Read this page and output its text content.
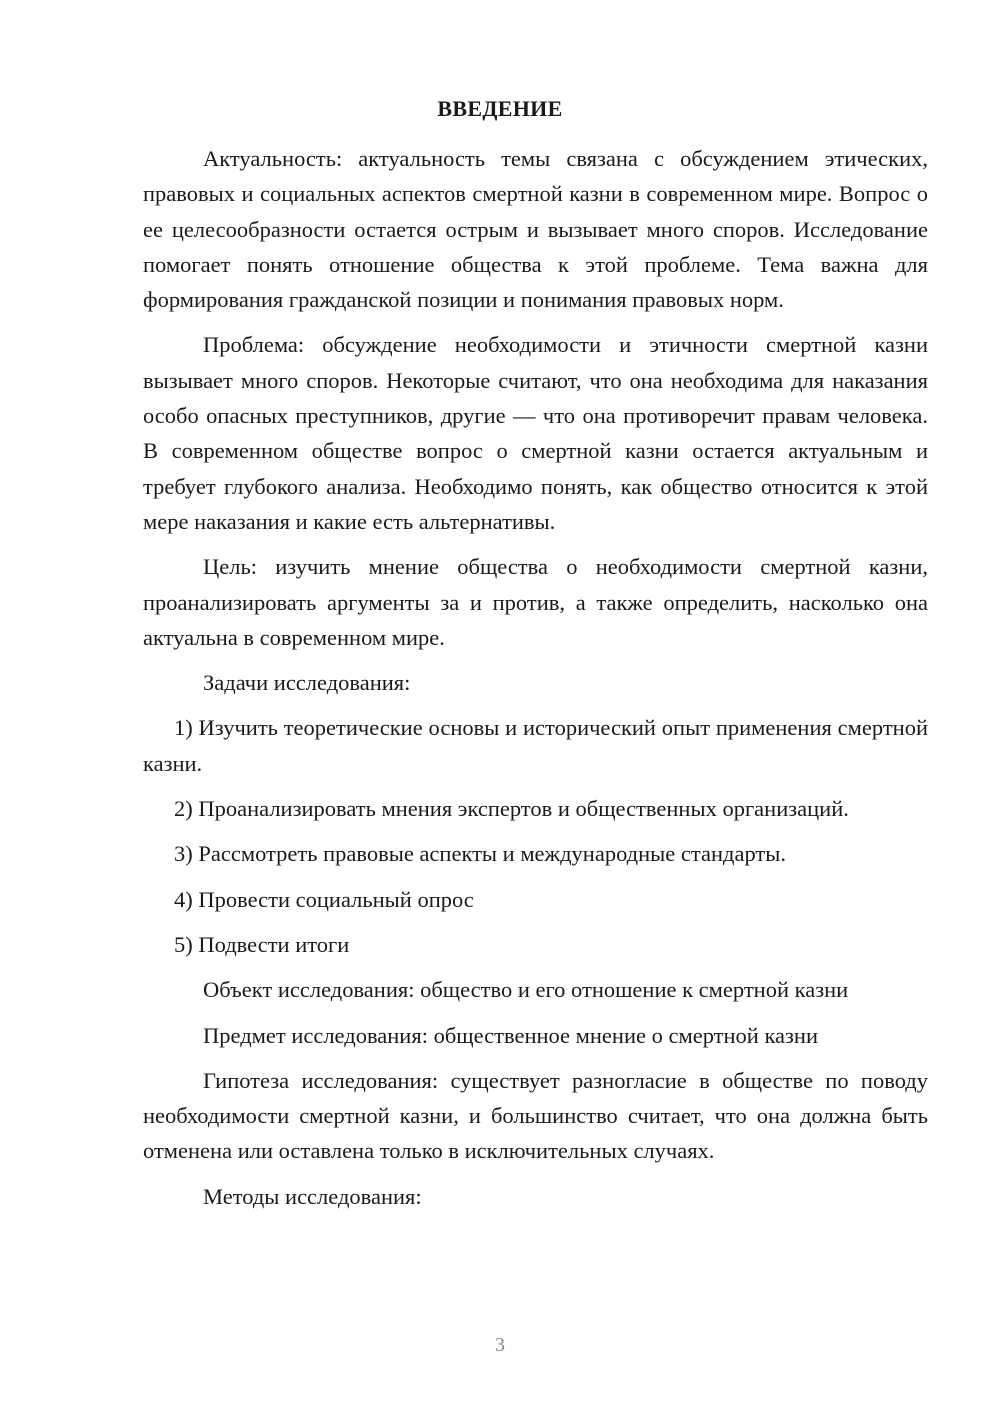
ВВЕДЕНИЕ

Актуальность: актуальность темы связана с обсуждением этических, правовых и социальных аспектов смертной казни в современном мире. Вопрос о ее целесообразности остается острым и вызывает много споров. Исследование помогает понять отношение общества к этой проблеме. Тема важна для формирования гражданской позиции и понимания правовых норм.

Проблема: обсуждение необходимости и этичности смертной казни вызывает много споров. Некоторые считают, что она необходима для наказания особо опасных преступников, другие — что она противоречит правам человека. В современном обществе вопрос о смертной казни остается актуальным и требует глубокого анализа. Необходимо понять, как общество относится к этой мере наказания и какие есть альтернативы.

Цель: изучить мнение общества о необходимости смертной казни, проанализировать аргументы за и против, а также определить, насколько она актуальна в современном мире.

Задачи исследования:

1) Изучить теоретические основы и исторический опыт применения смертной казни.

2) Проанализировать мнения экспертов и общественных организаций.

3) Рассмотреть правовые аспекты и международные стандарты.

4) Провести социальный опрос

5) Подвести итоги

Объект исследования: общество и его отношение к смертной казни

Предмет исследования: общественное мнение о смертной казни

Гипотеза исследования: существует разногласие в обществе по поводу необходимости смертной казни, и большинство считает, что она должна быть отменена или оставлена только в исключительных случаях.

Методы исследования:

3
